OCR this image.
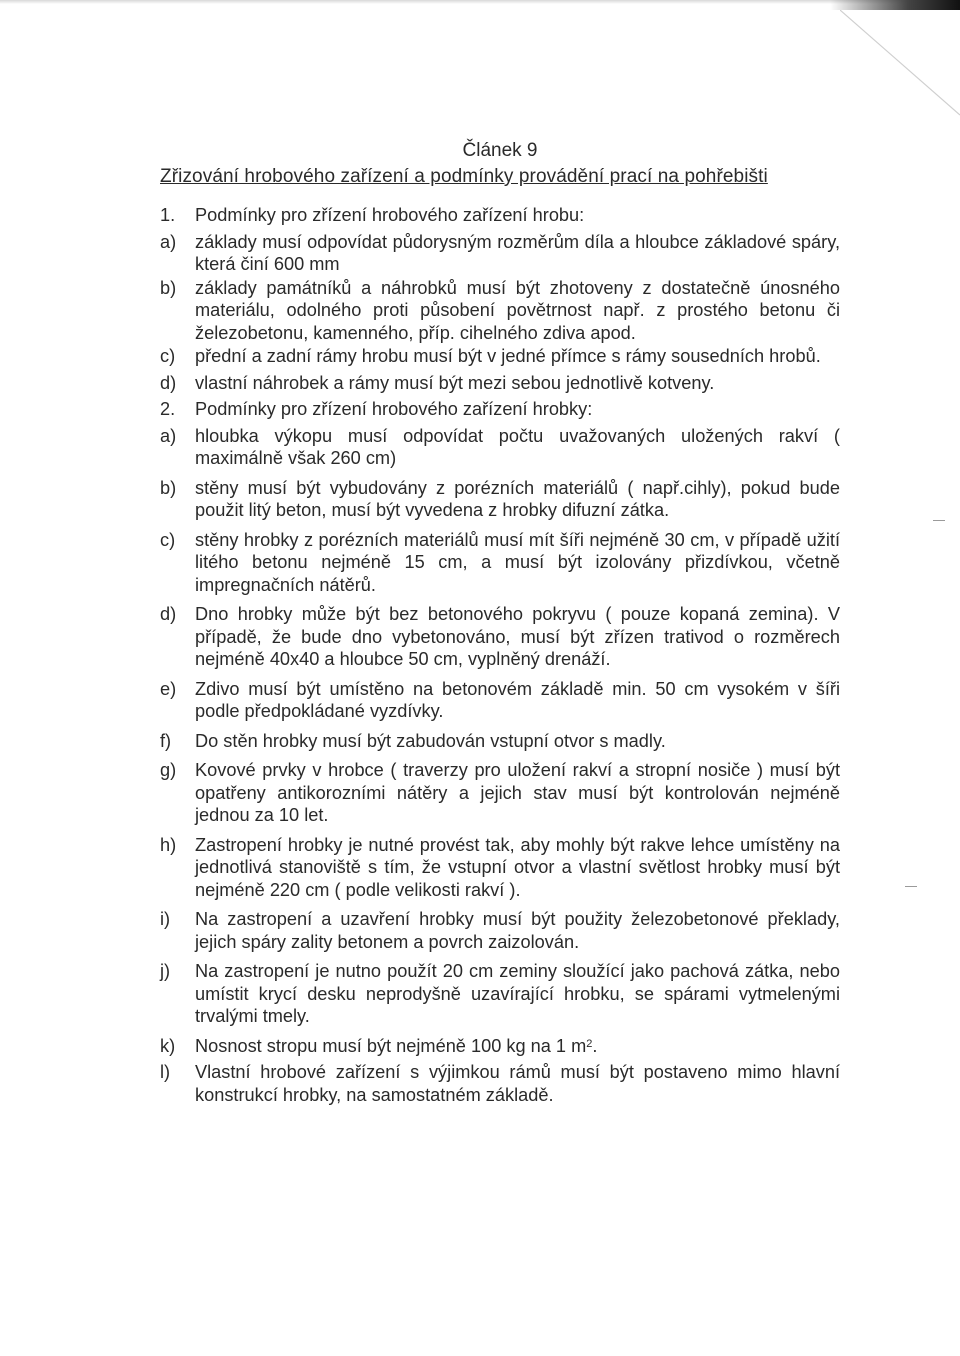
Článek 9
Zřizování hrobového zařízení a podmínky provádění prací na pohřebišti
1.	Podmínky pro zřízení hrobového zařízení hrobu:
a)	základy musí odpovídat půdorysným rozměrům díla a hloubce základové spáry, která činí 600 mm
b)	základy památníků a náhrobků musí být zhotoveny z dostatečně únosného materiálu, odolného proti působení povětrnost např. z prostého betonu či železobetonu, kamenného, příp. cihelného zdiva apod.
c)	přední a zadní rámy hrobu musí být v jedné přímce s rámy sousedních hrobů.
d)	vlastní náhrobek a rámy musí být mezi sebou jednotlivě kotveny.
2.	Podmínky pro zřízení hrobového zařízení hrobky:
a)	hloubka výkopu musí odpovídat počtu uvažovaných uložených rakví ( maximálně však 260 cm)
b)	stěny musí být vybudovány z porézních materiálů ( např.cihly), pokud bude použit litý beton, musí být vyvedena z hrobky difuzní zátka.
c)	stěny hrobky z porézních materiálů musí mít šíři nejméně 30 cm, v případě užití litého betonu nejméně 15 cm, a musí být izolovány přizdívkou, včetně impregnačních nátěrů.
d)	Dno hrobky může být bez betonového pokryvu ( pouze kopaná zemina). V případě, že bude dno vybetonováno, musí být zřízen trativod o rozměrech nejméně 40x40 a hloubce 50 cm, vyplněný drenáží.
e)	Zdivo musí být umístěno na betonovém základě min. 50 cm vysokém v šíři podle předpokládané vyzdívky.
f)	Do stěn hrobky musí být zabudován vstupní otvor s madly.
g)	Kovové prvky v hrobce ( traverzy pro uložení rakví a stropní nosiče ) musí být opatřeny antikorozními nátěry a jejich stav musí být kontrolován nejméně jednou za 10 let.
h)	Zastropení hrobky je nutné provést tak, aby mohly být rakve lehce umístěny na jednotlivá stanoviště s tím, že vstupní otvor a vlastní světlost hrobky musí být nejméně 220 cm ( podle velikosti rakví ).
i)	Na zastropení a uzavření hrobky musí být použity železobetonové překlady, jejich spáry zality betonem a povrch zaizolován.
j)	Na zastropení je nutno použít 20 cm zeminy sloužící jako pachová zátka, nebo umístit krycí desku neprodyšně uzavírající hrobku, se spárami vytmelenými trvalými tmely.
k)	Nosnost stropu musí být nejméně 100 kg na 1 $m^2$.
l)	Vlastní hrobové zařízení s výjimkou rámů musí být postaveno mimo hlavní konstrukcí hrobky, na samostatném základě.
